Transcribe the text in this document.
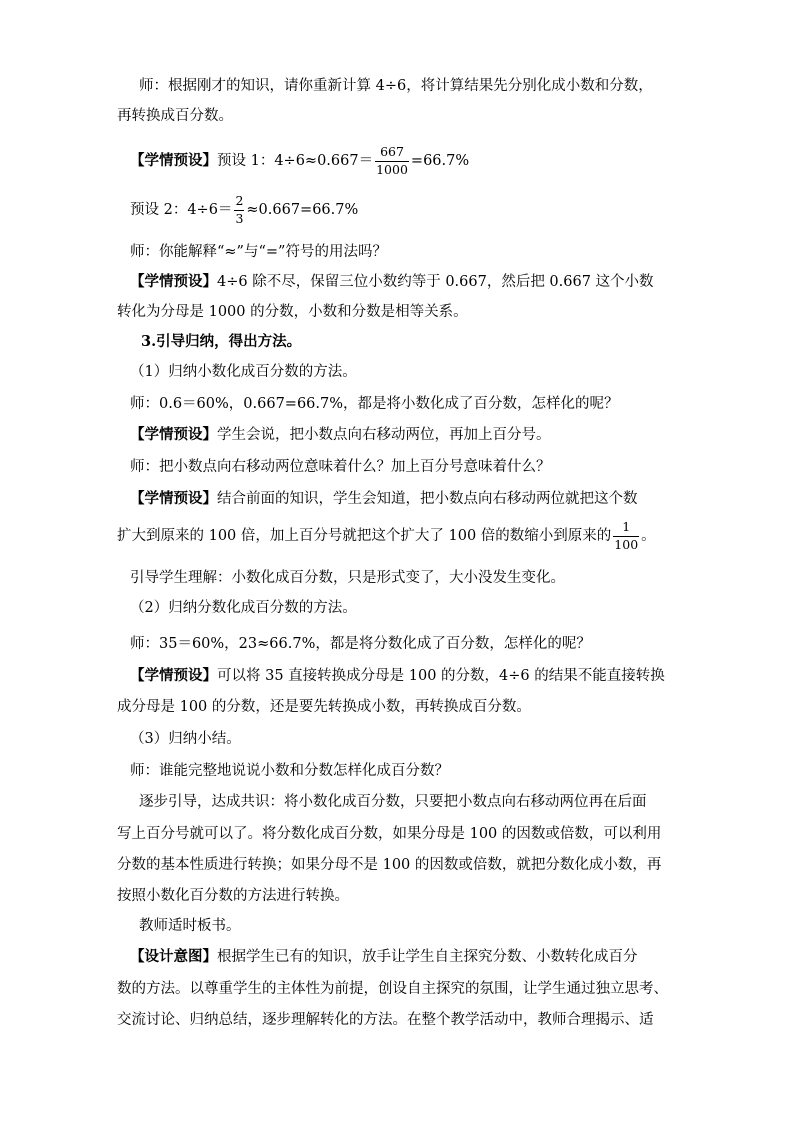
师：根据刚才的知识，请你重新计算 4÷6，将计算结果先分别化成小数和分数，
再转换成百分数。
【学情预设】预设 1：$4\div 6\approx 0.667= \frac{667}{1000} =66.7\%$
预设 2：$4\div 6= \frac{2}{3} \approx 0.667=66.7\%$
师：你能解释“≈”与“=”符号的用法吗？
【学情预设】4÷6 除不尽，保留三位小数约等于 0.667，然后把 0.667 这个小数
转化为分母是 1000 的分数，小数和分数是相等关系。
3.引导归纳，得出方法。
（1）归纳小数化成百分数的方法。
师：0.6＝60%，0.667=66.7%，都是将小数化成了百分数，怎样化的呢？
【学情预设】学生会说，把小数点向右移动两位，再加上百分号。
师：把小数点向右移动两位意味着什么？加上百分号意味着什么？
【学情预设】结合前面的知识，学生会知道，把小数点向右移动两位就把这个数
扩大到原来的 100 倍，加上百分号就把这个扩大了 100 倍的数缩小到原来的 $\frac{1}{100}$ 。
引导学生理解：小数化成百分数，只是形式变了，大小没发生变化。
（2）归纳分数化成百分数的方法。
师：35＝60%，23≈66.7%，都是将分数化成了百分数，怎样化的呢？
【学情预设】可以将 35 直接转换成分母是 100 的分数，4÷6 的结果不能直接转换
成分母是 100 的分数，还是要先转换成小数，再转换成百分数。
（3）归纳小结。
师：谁能完整地说说小数和分数怎样化成百分数？
逐步引导，达成共识：将小数化成百分数，只要把小数点向右移动两位再在后面
写上百分号就可以了。将分数化成百分数，如果分母是 100 的因数或倍数，可以利用
分数的基本性质进行转换；如果分母不是 100 的因数或倍数，就把分数化成小数，再
按照小数化百分数的方法进行转换。
教师适时板书。
【设计意图】根据学生已有的知识，放手让学生自主探究分数、小数转化成百分
数的方法。以尊重学生的主体性为前提，创设自主探究的氛围，让学生通过独立思考、
交流讨论、归纳总结，逐步理解转化的方法。在整个教学活动中，教师合理揭示、适
